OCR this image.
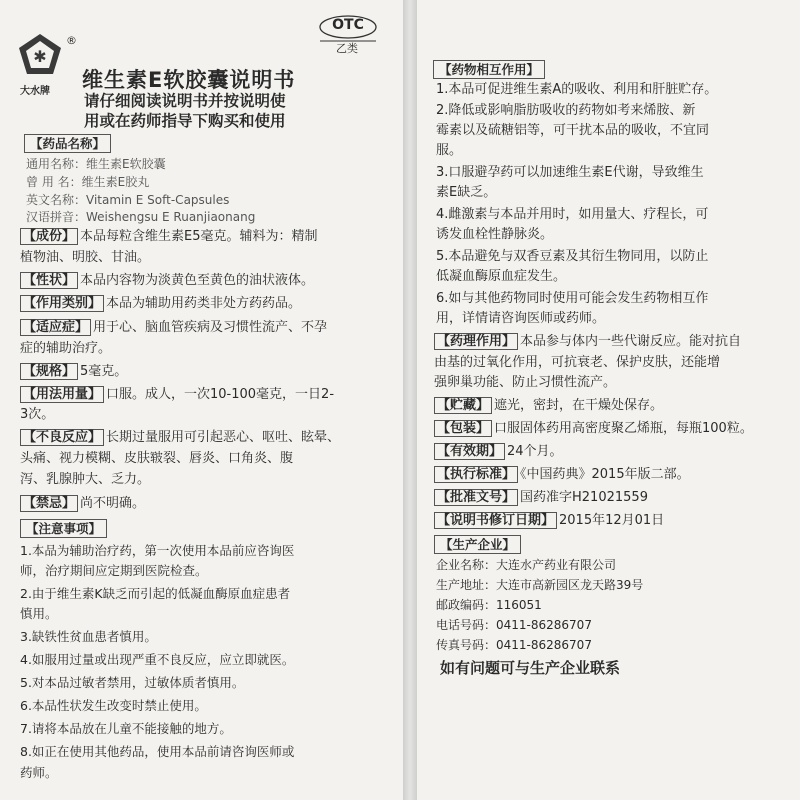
✱
®
大水牌
OTC
乙类
维生素E软胶囊说明书
请仔细阅读说明书并按说明使
用或在药师指导下购买和使用
【药品名称】
通用名称：维生素E软胶囊
曾 用 名：维生素E胶丸
英文名称：Vitamin E Soft-Capsules
汉语拼音：Weishengsu E Ruanjiaonang
【成份】 本品每粒含维生素E5毫克。辅料为：精制
植物油、明胶、甘油。
【性状】 本品内容物为淡黄色至黄色的油状液体。
【作用类别】 本品为辅助用药类非处方药药品。
【适应症】 用于心、脑血管疾病及习惯性流产、不孕
症的辅助治疗。
【规格】 5毫克。
【用法用量】 口服。成人，一次10-100毫克，一日2-
3次。
【不良反应】 长期过量服用可引起恶心、呕吐、眩晕、
头痛、视力模糊、皮肤皲裂、唇炎、口角炎、腹
泻、乳腺肿大、乏力。
【禁忌】 尚不明确。
【注意事项】
1.本品为辅助治疗药，第一次使用本品前应咨询医
师，治疗期间应定期到医院检查。
2.由于维生素K缺乏而引起的低凝血酶原血症患者
慎用。
3.缺铁性贫血患者慎用。
4.如服用过量或出现严重不良反应，应立即就医。
5.对本品过敏者禁用，过敏体质者慎用。
6.本品性状发生改变时禁止使用。
7.请将本品放在儿童不能接触的地方。
8.如正在使用其他药品，使用本品前请咨询医师或
药师。
【药物相互作用】
1.本品可促进维生素A的吸收、利用和肝脏贮存。
2.降低或影响脂肪吸收的药物如考来烯胺、新
霉素以及硫糖铝等，可干扰本品的吸收，不宜同
服。
3.口服避孕药可以加速维生素E代谢，导致维生
素E缺乏。
4.雌激素与本品并用时，如用量大、疗程长，可
诱发血栓性静脉炎。
5.本品避免与双香豆素及其衍生物同用，以防止
低凝血酶原血症发生。
6.如与其他药物同时使用可能会发生药物相互作
用，详情请咨询医师或药师。
【药理作用】 本品参与体内一些代谢反应。能对抗自
由基的过氧化作用，可抗衰老、保护皮肤，还能增
强卵巢功能、防止习惯性流产。
【贮藏】 遮光，密封，在干燥处保存。
【包装】 口服固体药用高密度聚乙烯瓶，每瓶100粒。
【有效期】 24个月。
【执行标准】 《中国药典》2015年版二部。
【批准文号】 国药准字H21021559
【说明书修订日期】 2015年12月01日
【生产企业】
企业名称：大连水产药业有限公司
生产地址：大连市高新园区龙天路39号
邮政编码：116051
电话号码：0411-86286707
传真号码：0411-86286707
如有问题可与生产企业联系
